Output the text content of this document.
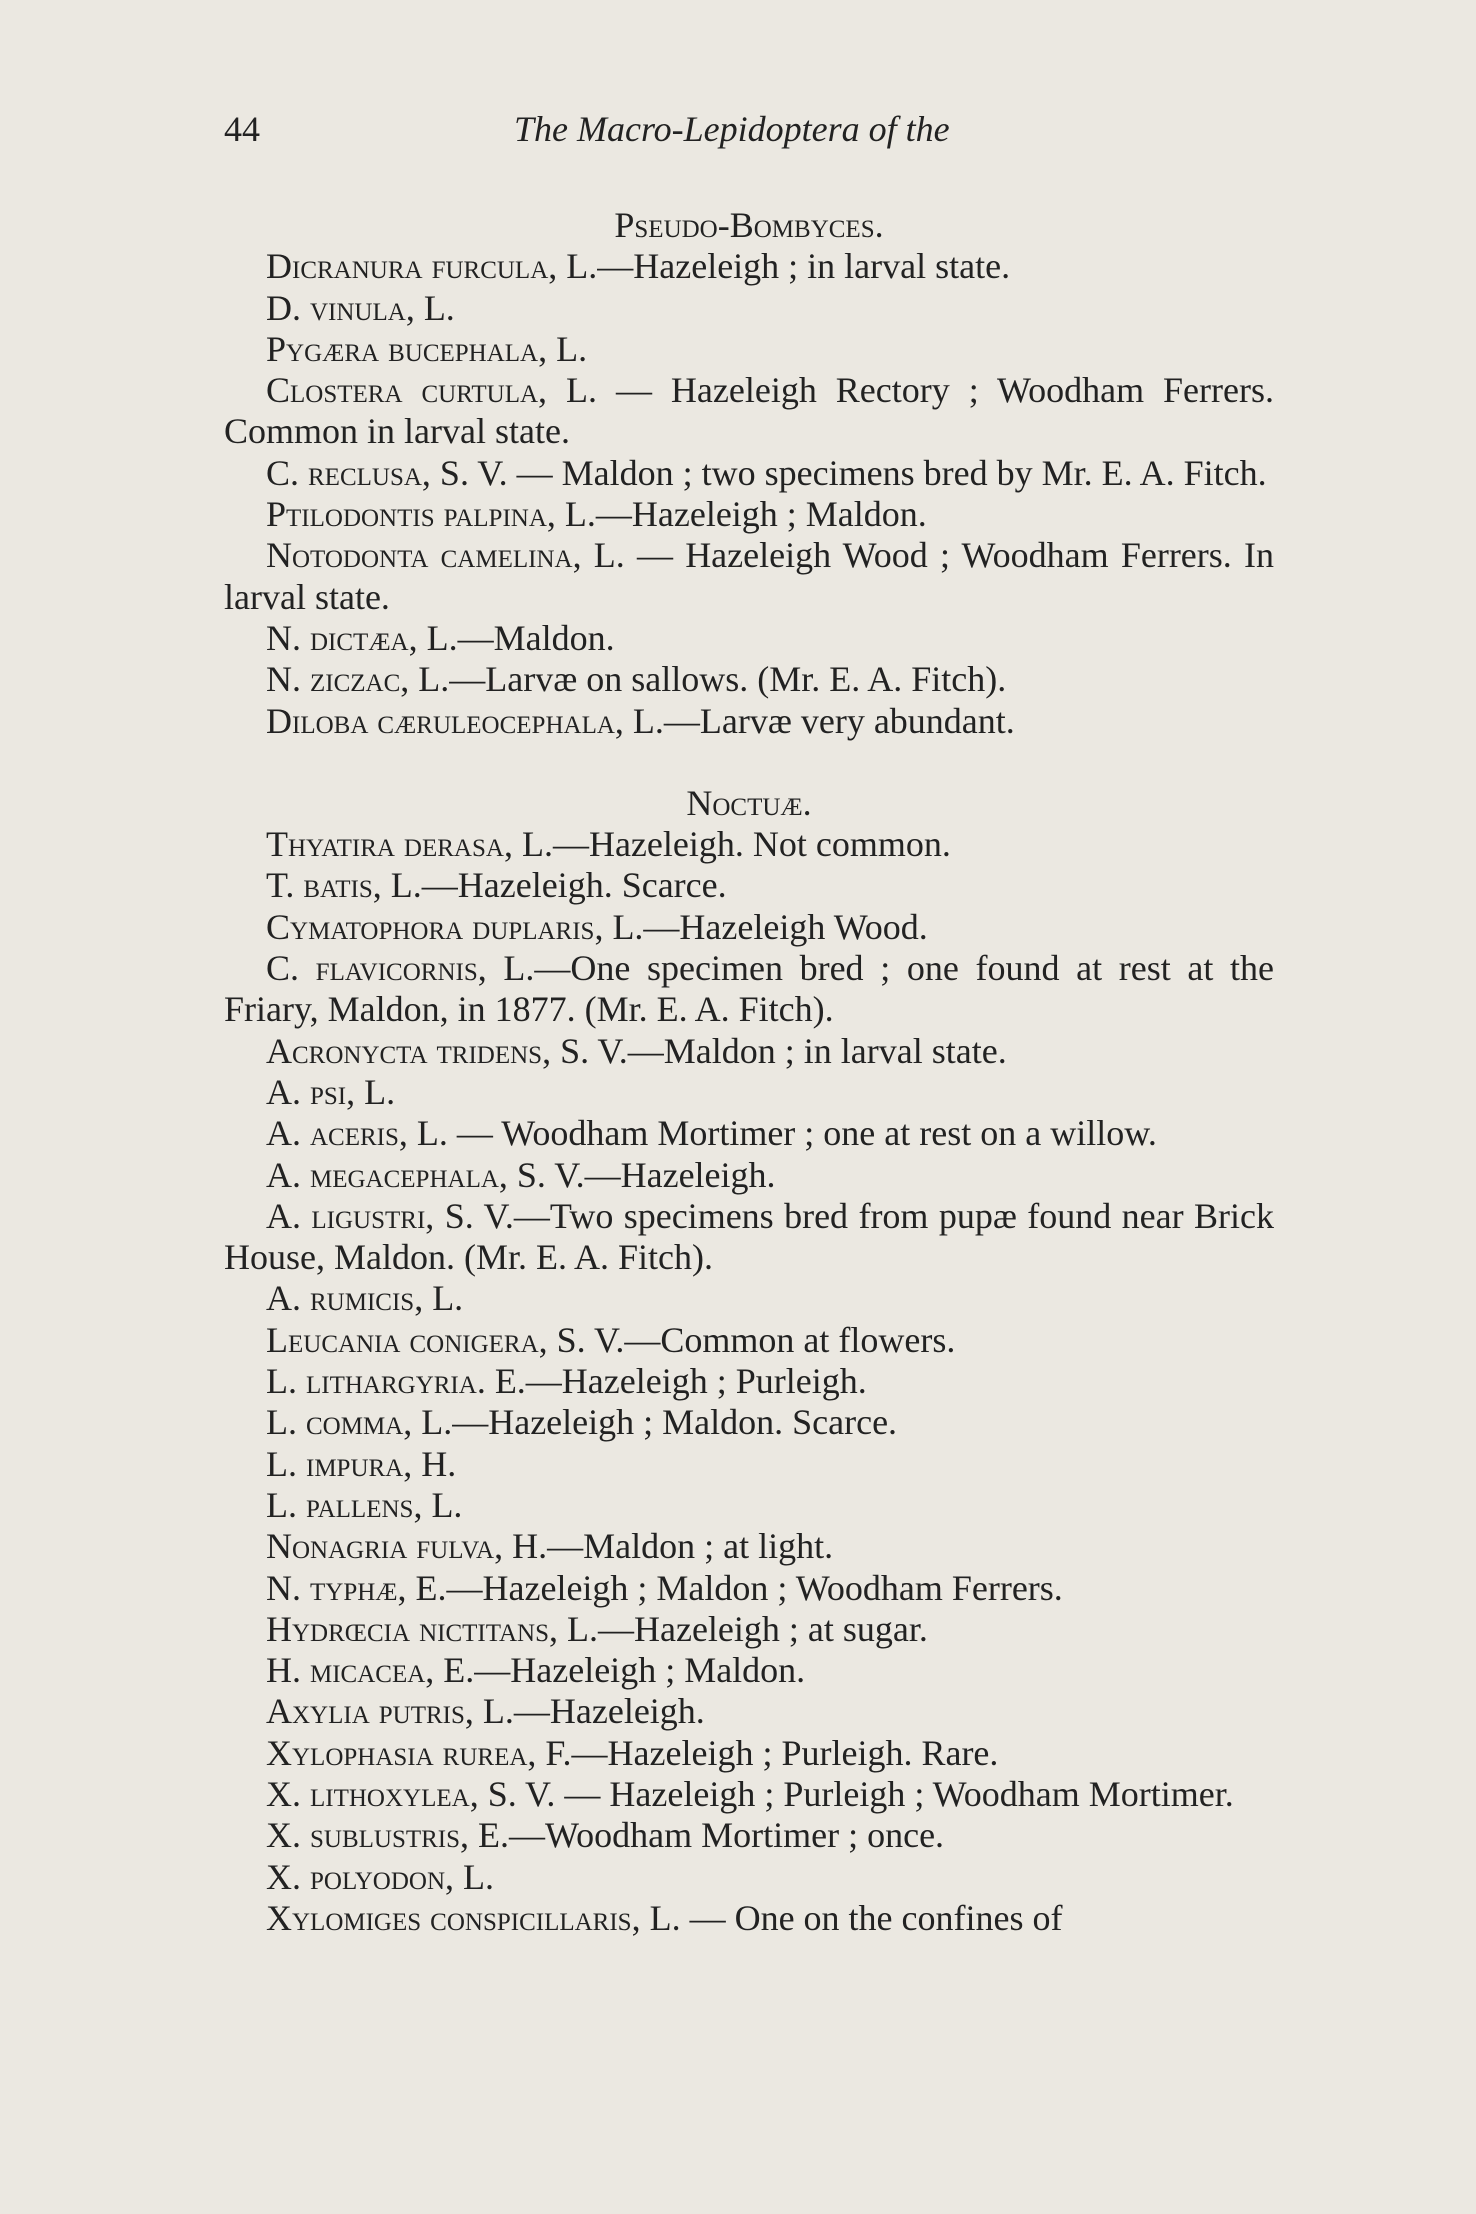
44	The Macro-Lepidoptera of the
Pseudo-Bombyces.
Dicranura furcula, L.—Hazeleigh ; in larval state.
D. vinula, L.
Pygæra bucephala, L.
Clostera curtula, L. — Hazeleigh Rectory ; Woodham Ferrers. Common in larval state.
C. reclusa, S. V. — Maldon ; two specimens bred by Mr. E. A. Fitch.
Ptilodontis palpina, L.—Hazeleigh ; Maldon.
Notodonta camelina, L. — Hazeleigh Wood ; Woodham Ferrers. In larval state.
N. dictæa, L.—Maldon.
N. ziczac, L.—Larvæ on sallows. (Mr. E. A. Fitch).
Diloba cæruleocephala, L.—Larvæ very abundant.
Noctuæ.
Thyatira derasa, L.—Hazeleigh. Not common.
T. batis, L.—Hazeleigh. Scarce.
Cymatophora duplaris, L.—Hazeleigh Wood.
C. flavicornis, L.—One specimen bred ; one found at rest at the Friary, Maldon, in 1877. (Mr. E. A. Fitch).
Acronycta tridens, S. V.—Maldon ; in larval state.
A. psi, L.
A. aceris, L. — Woodham Mortimer ; one at rest on a willow.
A. megacephala, S. V.—Hazeleigh.
A. ligustri, S. V.—Two specimens bred from pupæ found near Brick House, Maldon. (Mr. E. A. Fitch).
A. rumicis, L.
Leucania conigera, S. V.—Common at flowers.
L. lithargyria. E.—Hazeleigh ; Purleigh.
L. comma, L.—Hazeleigh ; Maldon. Scarce.
L. impura, H.
L. pallens, L.
Nonagria fulva, H.—Maldon ; at light.
N. typhæ, E.—Hazeleigh ; Maldon ; Woodham Ferrers.
Hydrœcia nictitans, L.—Hazeleigh ; at sugar.
H. micacea, E.—Hazeleigh ; Maldon.
Axylia putris, L.—Hazeleigh.
Xylophasia rurea, F.—Hazeleigh ; Purleigh. Rare.
X. lithoxylea, S. V. — Hazeleigh ; Purleigh ; Woodham Mortimer.
X. sublustris, E.—Woodham Mortimer ; once.
X. polyodon, L.
Xylomiges conspicillaris, L. — One on the confines of
